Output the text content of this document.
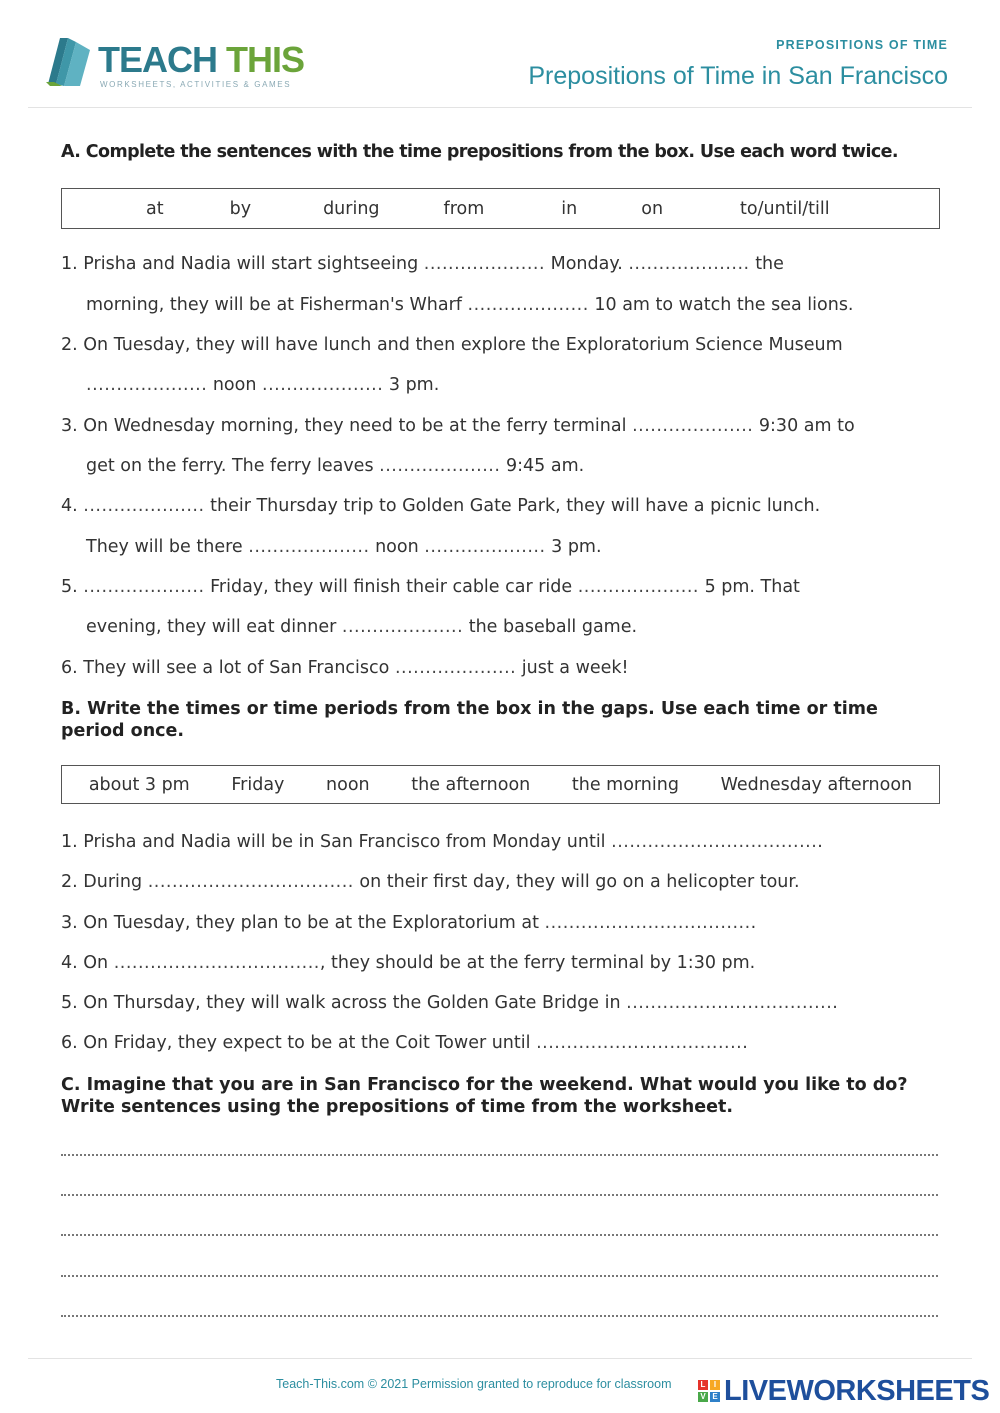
TEACH THIS
WORKSHEETS, ACTIVITIES & GAMES
PREPOSITIONS OF TIME
Prepositions of Time in San Francisco
A. Complete the sentences with the time prepositions from the box. Use each word twice.
at	by	during	from	in	on	to/until/till
1. Prisha and Nadia will start sightseeing .................... Monday. .................... the
morning, they will be at Fisherman's Wharf .................... 10 am to watch the sea lions.
2. On Tuesday, they will have lunch and then explore the Exploratorium Science Museum
.................... noon .................... 3 pm.
3. On Wednesday morning, they need to be at the ferry terminal .................... 9:30 am to
get on the ferry. The ferry leaves .................... 9:45 am.
4. .................... their Thursday trip to Golden Gate Park, they will have a picnic lunch.
They will be there .................... noon .................... 3 pm.
5. .................... Friday, they will finish their cable car ride .................... 5 pm. That
evening, they will eat dinner .................... the baseball game.
6. They will see a lot of San Francisco .................... just a week!
B. Write the times or time periods from the box in the gaps. Use each time or time period once.
about 3 pm Friday noon the afternoon the morning Wednesday afternoon
1. Prisha and Nadia will be in San Francisco from Monday until ...................................
2. During .................................. on their first day, they will go on a helicopter tour.
3. On Tuesday, they plan to be at the Exploratorium at ...................................
4. On .................................., they should be at the ferry terminal by 1:30 pm.
5. On Thursday, they will walk across the Golden Gate Bridge in ...................................
6. On Friday, they expect to be at the Coit Tower until ...................................
C. Imagine that you are in San Francisco for the weekend. What would you like to do? Write sentences using the prepositions of time from the worksheet.
Teach-This.com © 2021 Permission granted to reproduce for classroom	L	I
V E LIVEWORKSHEETS
